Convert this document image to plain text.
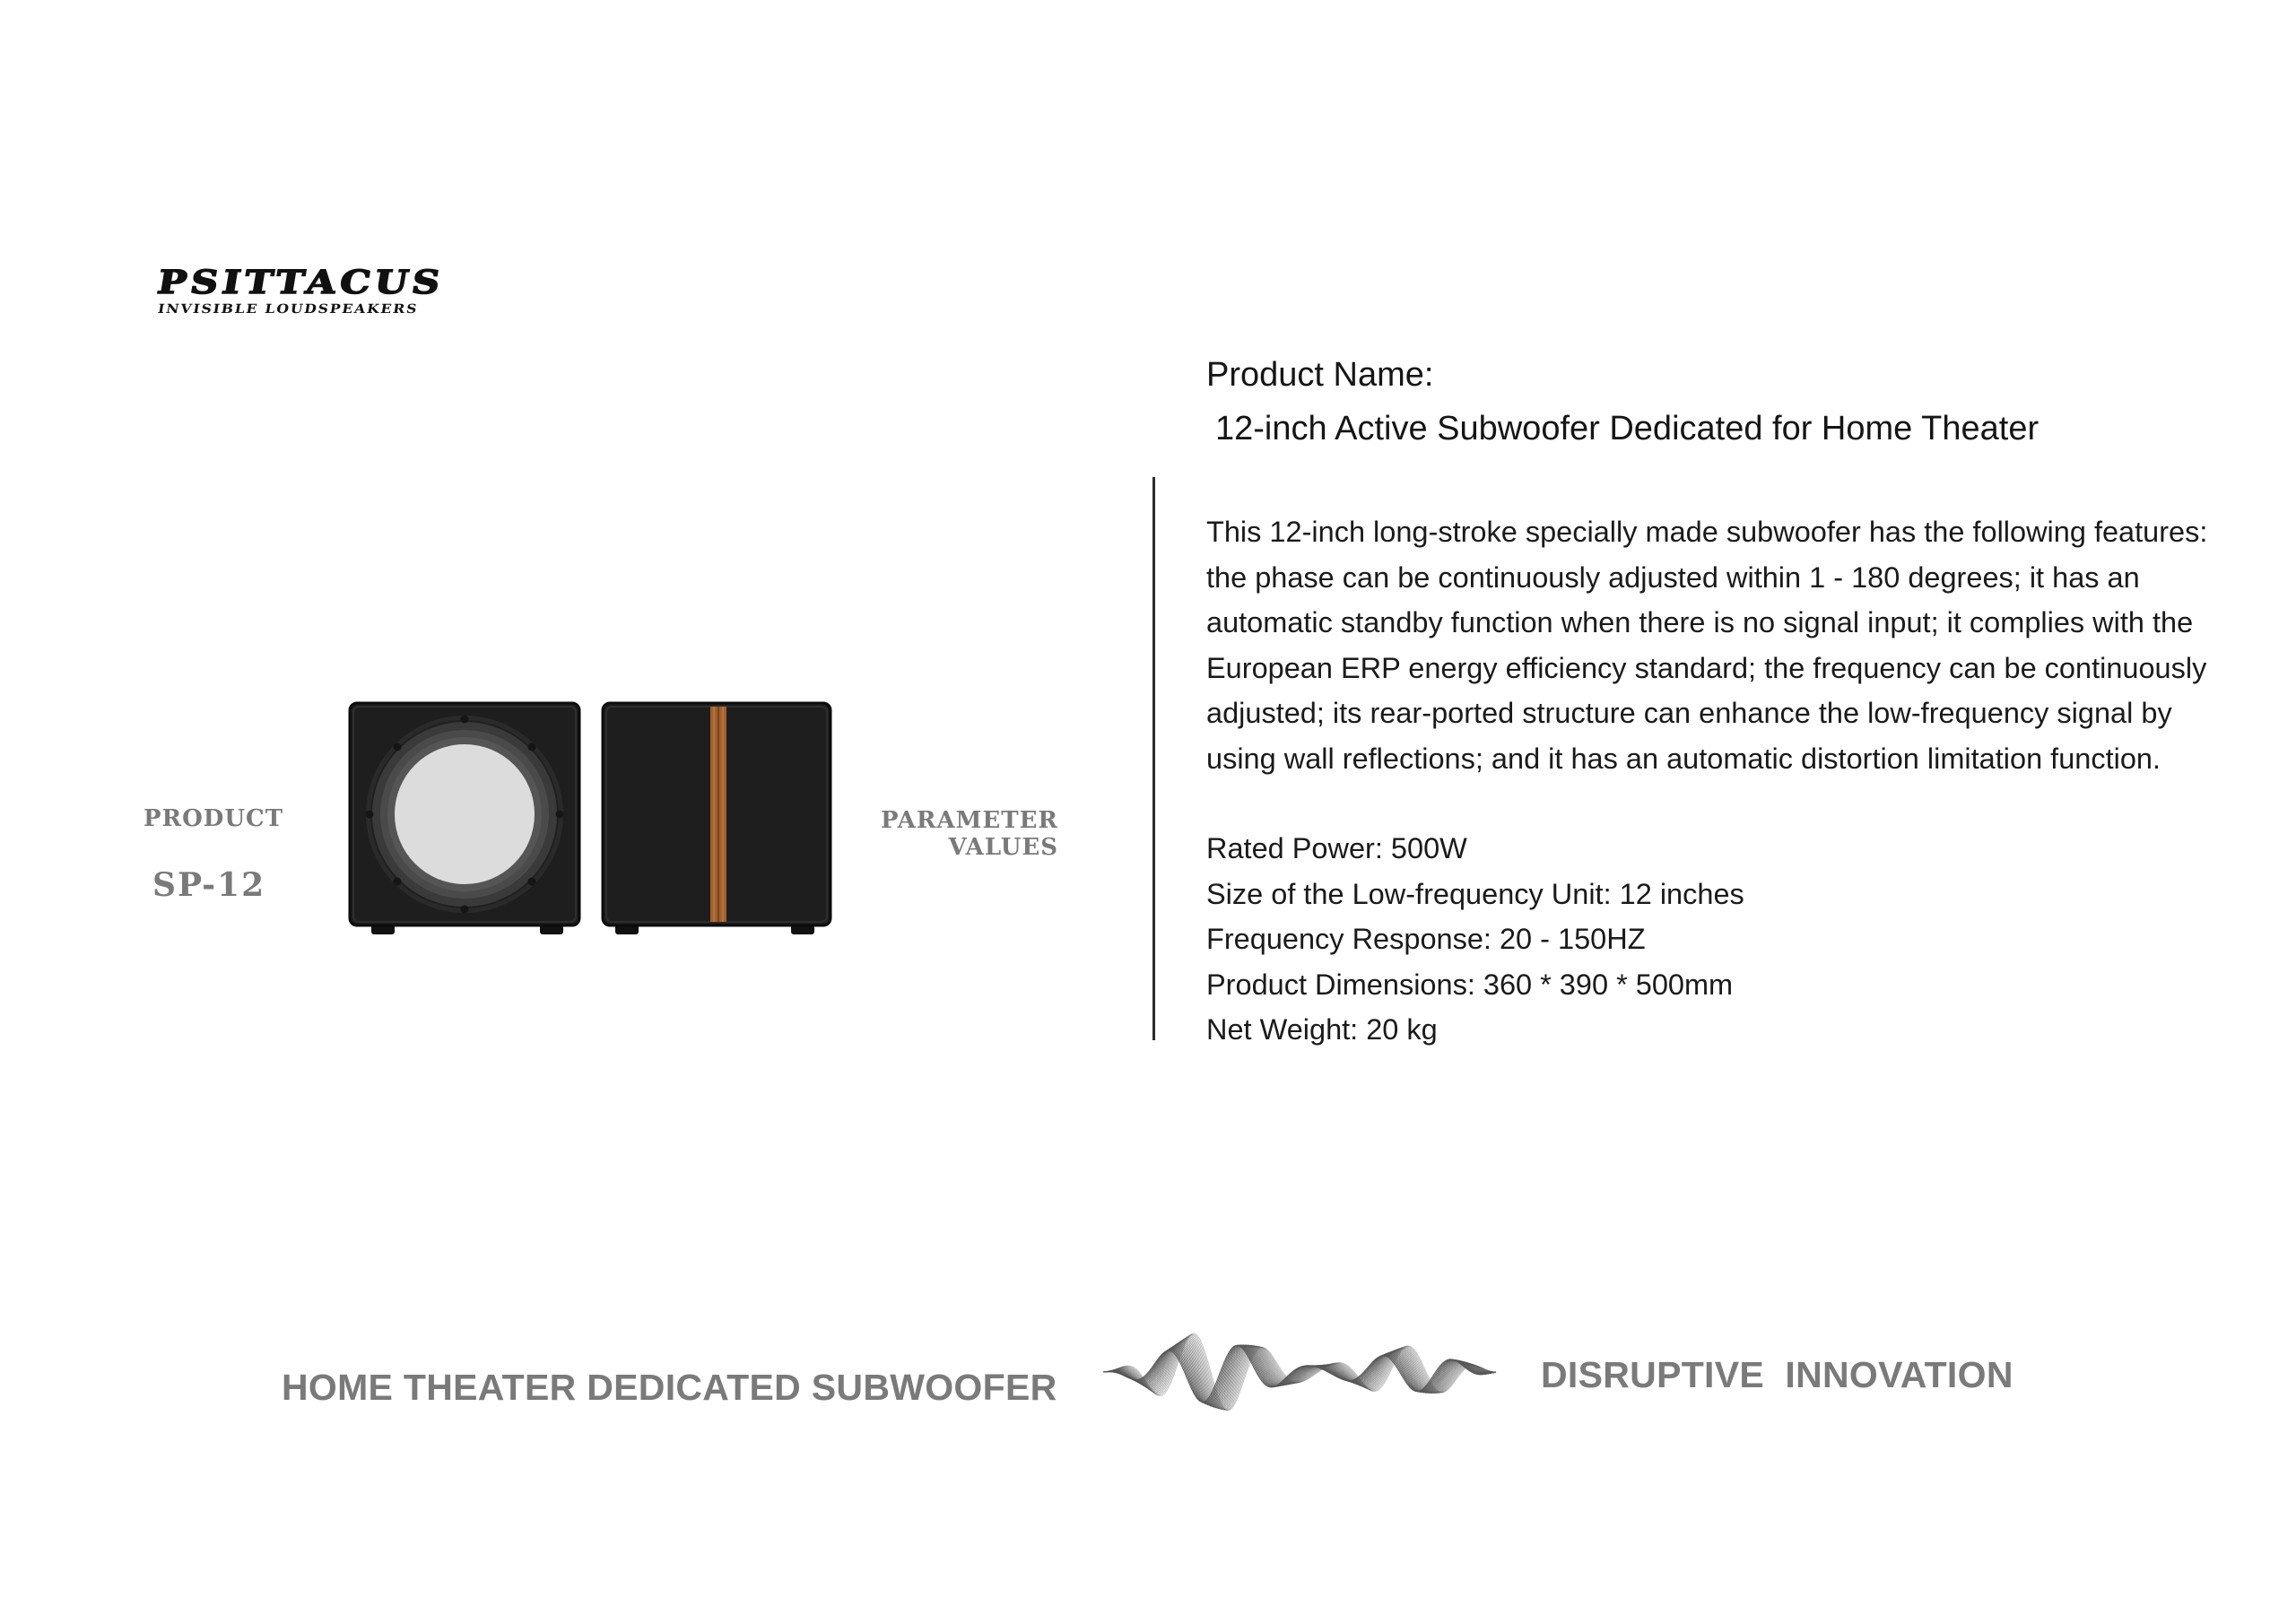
PSITTACUS
INVISIBLE LOUDSPEAKERS
PRODUCT
SP-12
PARAMETER
VALUES

Product Name:

12-inch Active Subwoofer Dedicated for Home Theater

This 12-inch long-stroke specially made subwoofer has the following features:
the phase can be continuously adjusted within 1 - 180 degrees; it has an
automatic standby function when there is no signal input; it complies with the
European ERP energy efficiency standard; the frequency can be continuously
adjusted; its rear-ported structure can enhance the low-frequency signal by
using wall reflections; and it has an automatic distortion limitation function.
Rated Power: 500W
Size of the Low-frequency Unit: 12 inches
Frequency Response: 20 - 150HZ
Product Dimensions: 360 * 390 * 500mm
Net Weight: 20 kg
HOME THEATER DEDICATED SUBWOOFER	DISRUPTIVE  INNOVATION
